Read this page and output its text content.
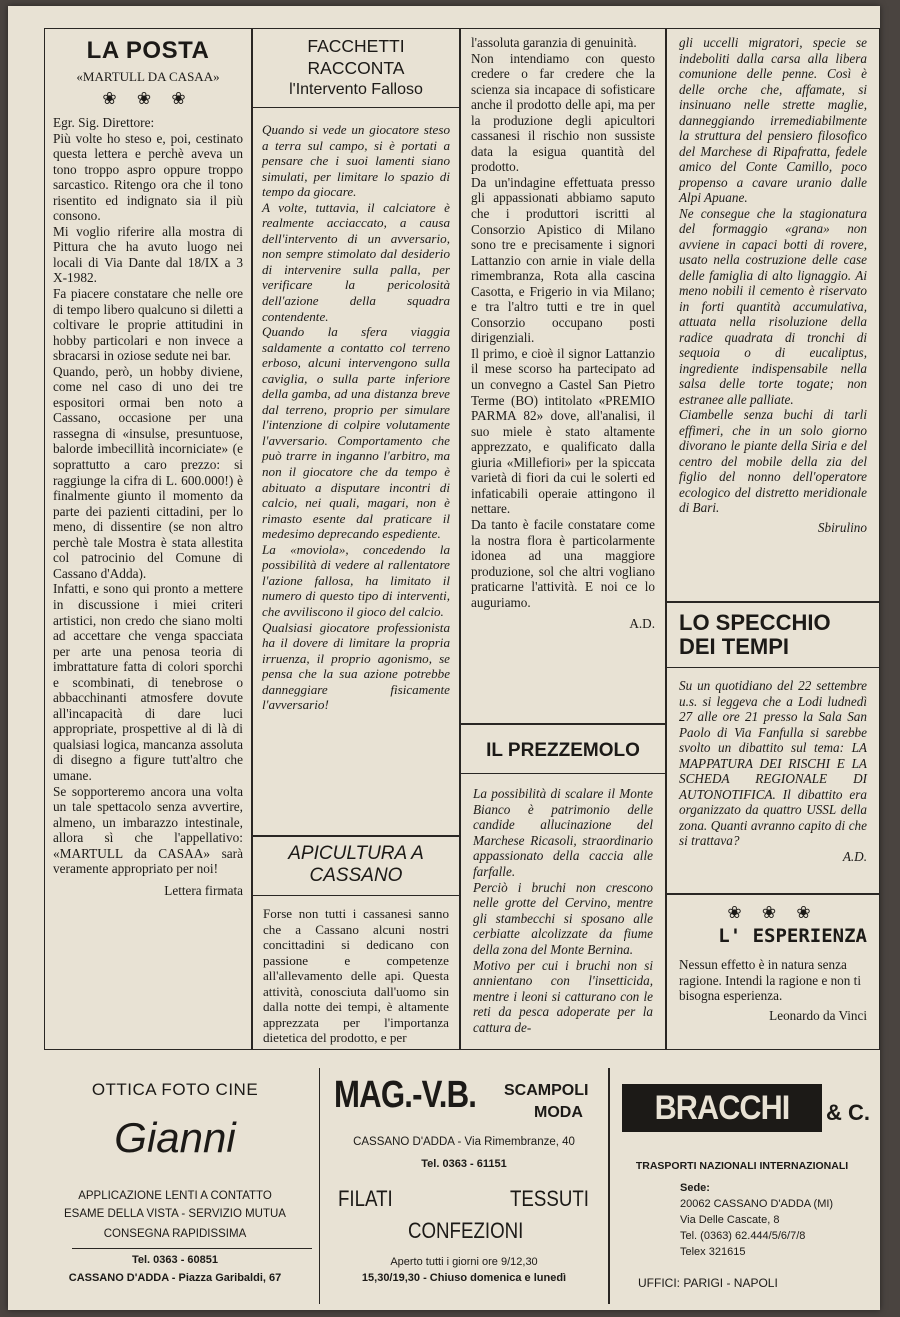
LA POSTA
«MARTULL DA CASAA»
❀ ❀ ❀
Egr. Sig. Direttore:
Più volte ho steso e, poi, cestinato questa lettera e perchè aveva un tono troppo aspro oppure troppo sarcastico. Ritengo ora che il tono risentito ed indignato sia il più consono.
Mi voglio riferire alla mostra di Pittura che ha avuto luogo nei locali di Via Dante dal 18/IX a 3 X-1982.
Fa piacere constatare che nelle ore di tempo libero qualcuno si diletti a coltivare le proprie attitudini in hobby particolari e non invece a sbracarsi in oziose sedute nei bar.
Quando, però, un hobby diviene, come nel caso di uno dei tre espositori ormai ben noto a Cassano, occasione per una rassegna di «insulse, presuntuose, balorde imbecillità incorniciate» (e soprattutto a caro prezzo: si raggiunge la cifra di L. 600.000!) è finalmente giunto il momento da parte dei pazienti cittadini, per lo meno, di dissentire (se non altro perchè tale Mostra è stata allestita col patrocinio del Comune di Cassano d'Adda).
Infatti, e sono qui pronto a mettere in discussione i miei criteri artistici, non credo che siano molti ad accettare che venga spacciata per arte una penosa teoria di imbrattature fatta di colori sporchi e scombinati, di tenebrose o abbacchinanti atmosfere dovute all'incapacità di dare luci appropriate, prospettive al di là di qualsiasi logica, mancanza assoluta di disegno a figure tutt'altro che umane.
Se sopporteremo ancora una volta un tale spettacolo senza avvertire, almeno, un imbarazzo intestinale, allora sì che l'appellativo: «MARTULL da CASAA» sarà veramente appropriato per noi!
Lettera firmata
FACCHETTI RACCONTA
l'Intervento Falloso
Quando si vede un giocatore steso a terra sul campo, si è portati a pensare che i suoi lamenti siano simulati, per limitare lo spazio di tempo da giocare.
A volte, tuttavia, il calciatore è realmente acciaccato, a causa dell'intervento di un avversario, non sempre stimolato dal desiderio di intervenire sulla palla, per verificare la pericolosità dell'azione della squadra contendente.
Quando la sfera viaggia saldamente a contatto col terreno erboso, alcuni intervengono sulla caviglia, o sulla parte inferiore della gamba, ad una distanza breve dal terreno, proprio per simulare l'intenzione di colpire volutamente l'avversario. Comportamento che può trarre in inganno l'arbitro, ma non il giocatore che da tempo è abituato a disputare incontri di calcio, nei quali, magari, non è rimasto esente dal praticare il medesimo deprecando espediente.
La «moviola», concedendo la possibilità di vedere al rallentatore l'azione fallosa, ha limitato il numero di questo tipo di interventi, che avviliscono il gioco del calcio.
Qualsiasi giocatore professionista ha il dovere di limitare la propria irruenza, il proprio agonismo, se pensa che la sua azione potrebbe danneggiare fisicamente l'avversario!
APICULTURA A
CASSANO
Forse non tutti i cassanesi sanno che a Cassano alcuni nostri concittadini si dedicano con passione e competenze all'allevamento delle api. Questa attività, conosciuta dall'uomo sin dalla notte dei tempi, è altamente apprezzata per l'importanza dietetica del prodotto, e per
l'assoluta garanzia di genuinità.
Non intendiamo con questo credere o far credere che la scienza sia incapace di sofisticare anche il prodotto delle api, ma per la produzione degli apicultori cassanesi il rischio non sussiste data la esigua quantità del prodotto.
Da un'indagine effettuata presso gli appassionati abbiamo saputo che i produttori iscritti al Consorzio Apistico di Milano sono tre e precisamente i signori Lattanzio con arnie in viale della rimembranza, Rota alla cascina Casotta, e Frigerio in via Milano; e tra l'altro tutti e tre in quel Consorzio occupano posti dirigenziali.
Il primo, e cioè il signor Lattanzio il mese scorso ha partecipato ad un convegno a Castel San Pietro Terme (BO) intitolato «PREMIO PARMA 82» dove, all'analisi, il suo miele è stato altamente apprezzato, e qualificato dalla giuria «Millefiori» per la spiccata varietà di fiori da cui le solerti ed infaticabili operaie attingono il nettare.
Da tanto è facile constatare come la nostra flora è particolarmente idonea ad una maggiore produzione, sol che altri vogliano praticarne l'attività. E noi ce lo auguriamo.
A.D.
IL PREZZEMOLO
La possibilità di scalare il Monte Bianco è patrimonio delle candide allucinazione del Marchese Ricasoli, straordinario appassionato della caccia alle farfalle.
Perciò i bruchi non crescono nelle grotte del Cervino, mentre gli stambecchi si sposano alle cerbiatte alcolizzate da fiume della zona del Monte Bernina.
Motivo per cui i bruchi non si annientano con l'insetticida, mentre i leoni si catturano con le reti da pesca adoperate per la cattura de-
gli uccelli migratori, specie se indeboliti dalla carsa alla libera comunione delle penne. Così è delle orche che, affamate, si insinuano nelle strette maglie, danneggiando irremediabilmente la struttura del pensiero filosofico del Marchese di Ripafratta, fedele amico del Conte Camillo, poco propenso a cavare uranio dalle Alpi Apuane.
Ne consegue che la stagionatura del formaggio «grana» non avviene in capaci botti di rovere, usato nella costruzione delle case delle famiglia di alto lignaggio. Ai meno nobili il cemento è riservato in forti quantità accumulativa, attuata nella risoluzione della radice quadrata di tronchi di sequoia o di eucaliptus, ingrediente indispensabile nella salsa delle torte togate; non estranee alle palliate.
Ciambelle senza buchi di tarli effimeri, che in un solo giorno divorano le piante della Siria e del centro del mobile della zia del figlio del nonno dell'operatore ecologico del distretto meridionale di Bari.
Sbirulino
LO SPECCHIO
DEI TEMPI
Su un quotidiano del 22 settembre u.s. si leggeva che a Lodi ludnedì 27 alle ore 21 presso la Sala San Paolo di Via Fanfulla si sarebbe svolto un dibattito sul tema: LA MAPPATURA DEI RISCHI E LA SCHEDA REGIONALE DI AUTONOTIFICA. Il dibattito era organizzato da quattro USSL della zona. Quanti avranno capito di che si trattava?
A.D.
❀ ❀ ❀
L' ESPERIENZA
Nessun effetto è in natura senza ragione. Intendi la ragione e non ti bisogna esperienza.
Leonardo da Vinci
OTTICA FOTO CINE
Gianni
APPLICAZIONE LENTI A CONTATTO
ESAME DELLA VISTA - SERVIZIO MUTUA
CONSEGNA RAPIDISSIMA
Tel. 0363 - 60851
CASSANO D'ADDA - Piazza Garibaldi, 67
MAG.-V.B. SCAMPOLI
MODA
CASSANO D'ADDA - Via Rimembranze, 40
Tel. 0363 - 61151
FILATI	TESSUTI
CONFEZIONI
Aperto tutti i giorni ore 9/12,30
15,30/19,30 - Chiuso domenica e lunedì
BRACCHI	& C.
TRASPORTI NAZIONALI INTERNAZIONALI
Sede:
20062 CASSANO D'ADDA (MI)
Via Delle Cascate, 8
Tel. (0363) 62.444/5/6/7/8
Telex 321615
UFFICI: PARIGI - NAPOLI
